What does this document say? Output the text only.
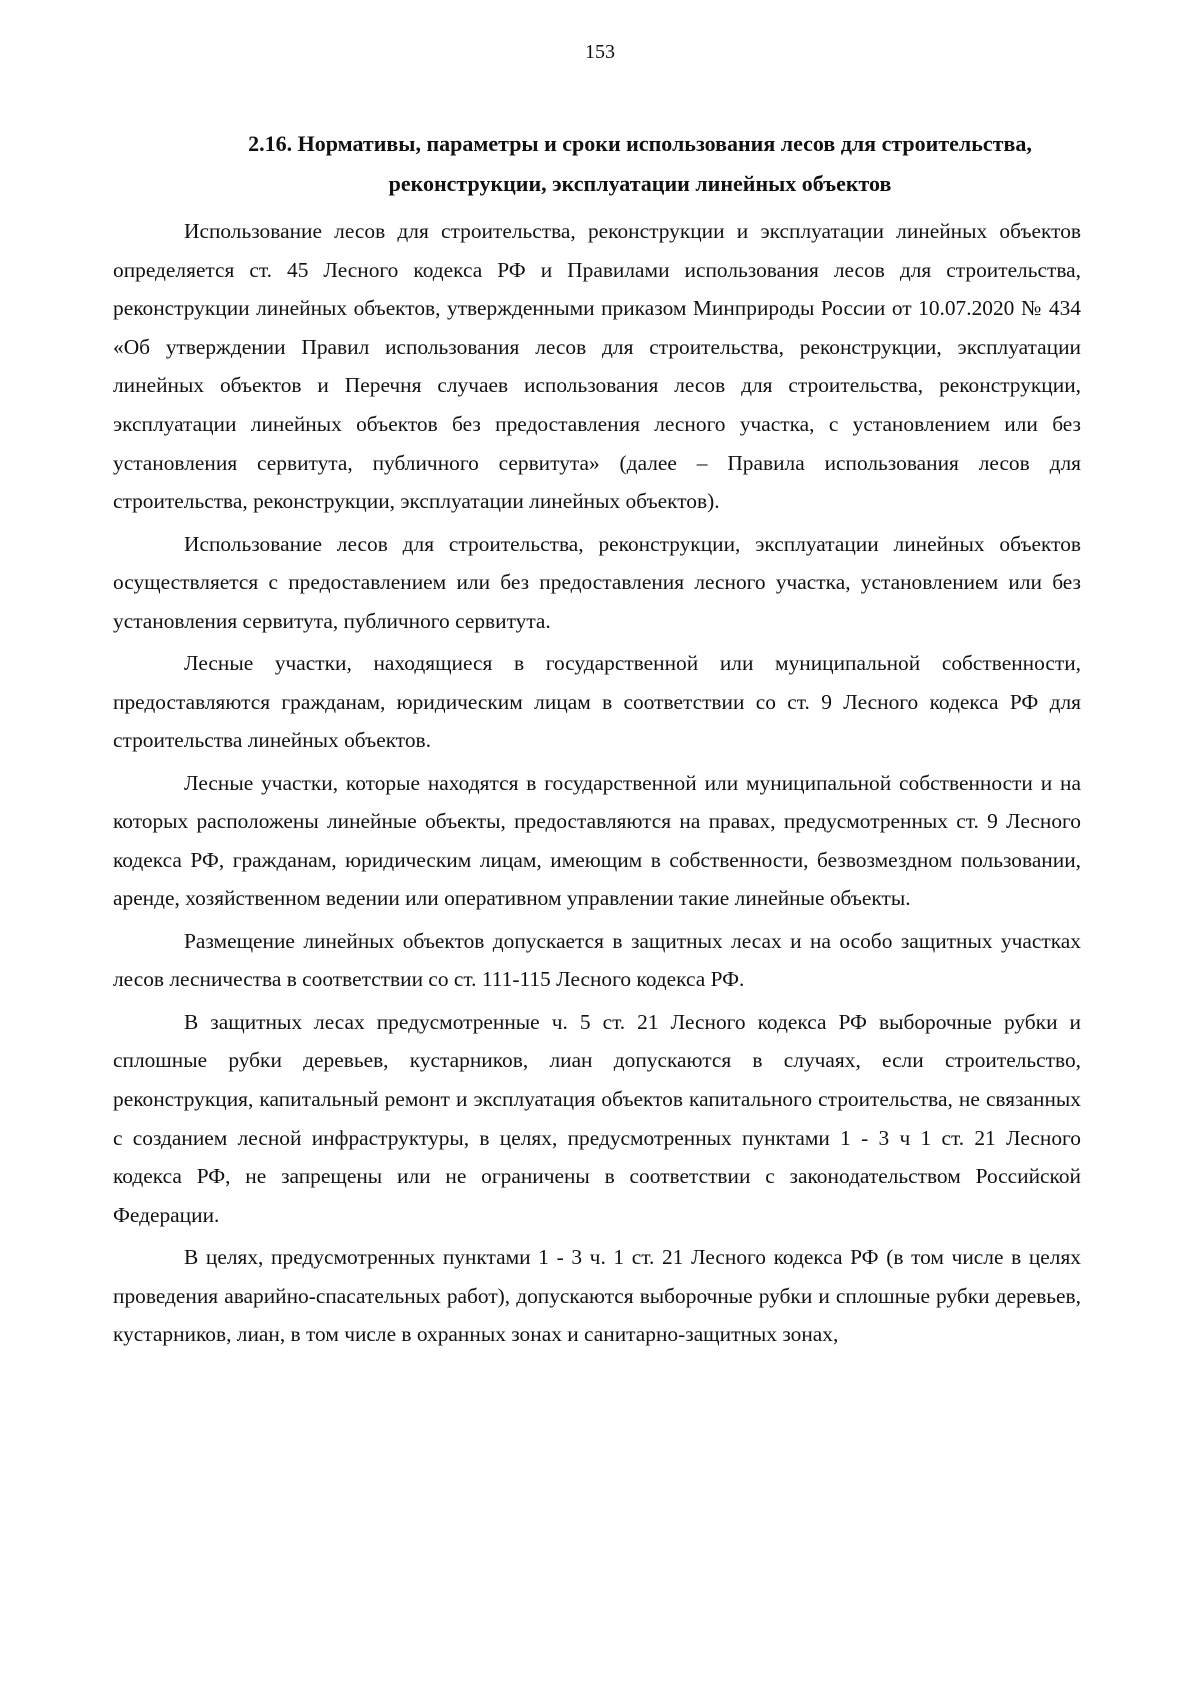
153
2.16. Нормативы, параметры и сроки использования лесов для строительства,
реконструкции, эксплуатации линейных объектов

Использование лесов для строительства, реконструкции и эксплуатации линейных объектов определяется ст. 45 Лесного кодекса РФ и Правилами использования лесов для строительства, реконструкции линейных объектов, утвержденными приказом Минприроды России от 10.07.2020 № 434 «Об утверждении Правил использования лесов для строительства, реконструкции, эксплуатации линейных объектов и Перечня случаев использования лесов для строительства, реконструкции, эксплуатации линейных объектов без предоставления лесного участка, с установлением или без установления сервитута, публичного сервитута» (далее – Правила использования лесов для строительства, реконструкции, эксплуатации линейных объектов).

Использование лесов для строительства, реконструкции, эксплуатации линейных объектов осуществляется с предоставлением или без предоставления лесного участка, установлением или без установления сервитута, публичного сервитута.

Лесные участки, находящиеся в государственной или муниципальной собственности, предоставляются гражданам, юридическим лицам в соответствии со ст. 9 Лесного кодекса РФ для строительства линейных объектов.

Лесные участки, которые находятся в государственной или муниципальной собственности и на которых расположены линейные объекты, предоставляются на правах, предусмотренных ст. 9 Лесного кодекса РФ, гражданам, юридическим лицам, имеющим в собственности, безвозмездном пользовании, аренде, хозяйственном ведении или оперативном управлении такие линейные объекты.

Размещение линейных объектов допускается в защитных лесах и на особо защитных участках лесов лесничества в соответствии со ст. 111-115 Лесного кодекса РФ.

В защитных лесах предусмотренные ч. 5 ст. 21 Лесного кодекса РФ выборочные рубки и сплошные рубки деревьев, кустарников, лиан допускаются в случаях, если строительство, реконструкция, капитальный ремонт и эксплуатация объектов капитального строительства, не связанных с созданием лесной инфраструктуры, в целях, предусмотренных пунктами 1 - 3 ч 1 ст. 21 Лесного кодекса РФ, не запрещены или не ограничены в соответствии с законодательством Российской Федерации.

В целях, предусмотренных пунктами 1 - 3 ч. 1 ст. 21 Лесного кодекса РФ (в том числе в целях проведения аварийно-спасательных работ), допускаются выборочные рубки и сплошные рубки деревьев, кустарников, лиан, в том числе в охранных зонах и санитарно-защитных зонах,
